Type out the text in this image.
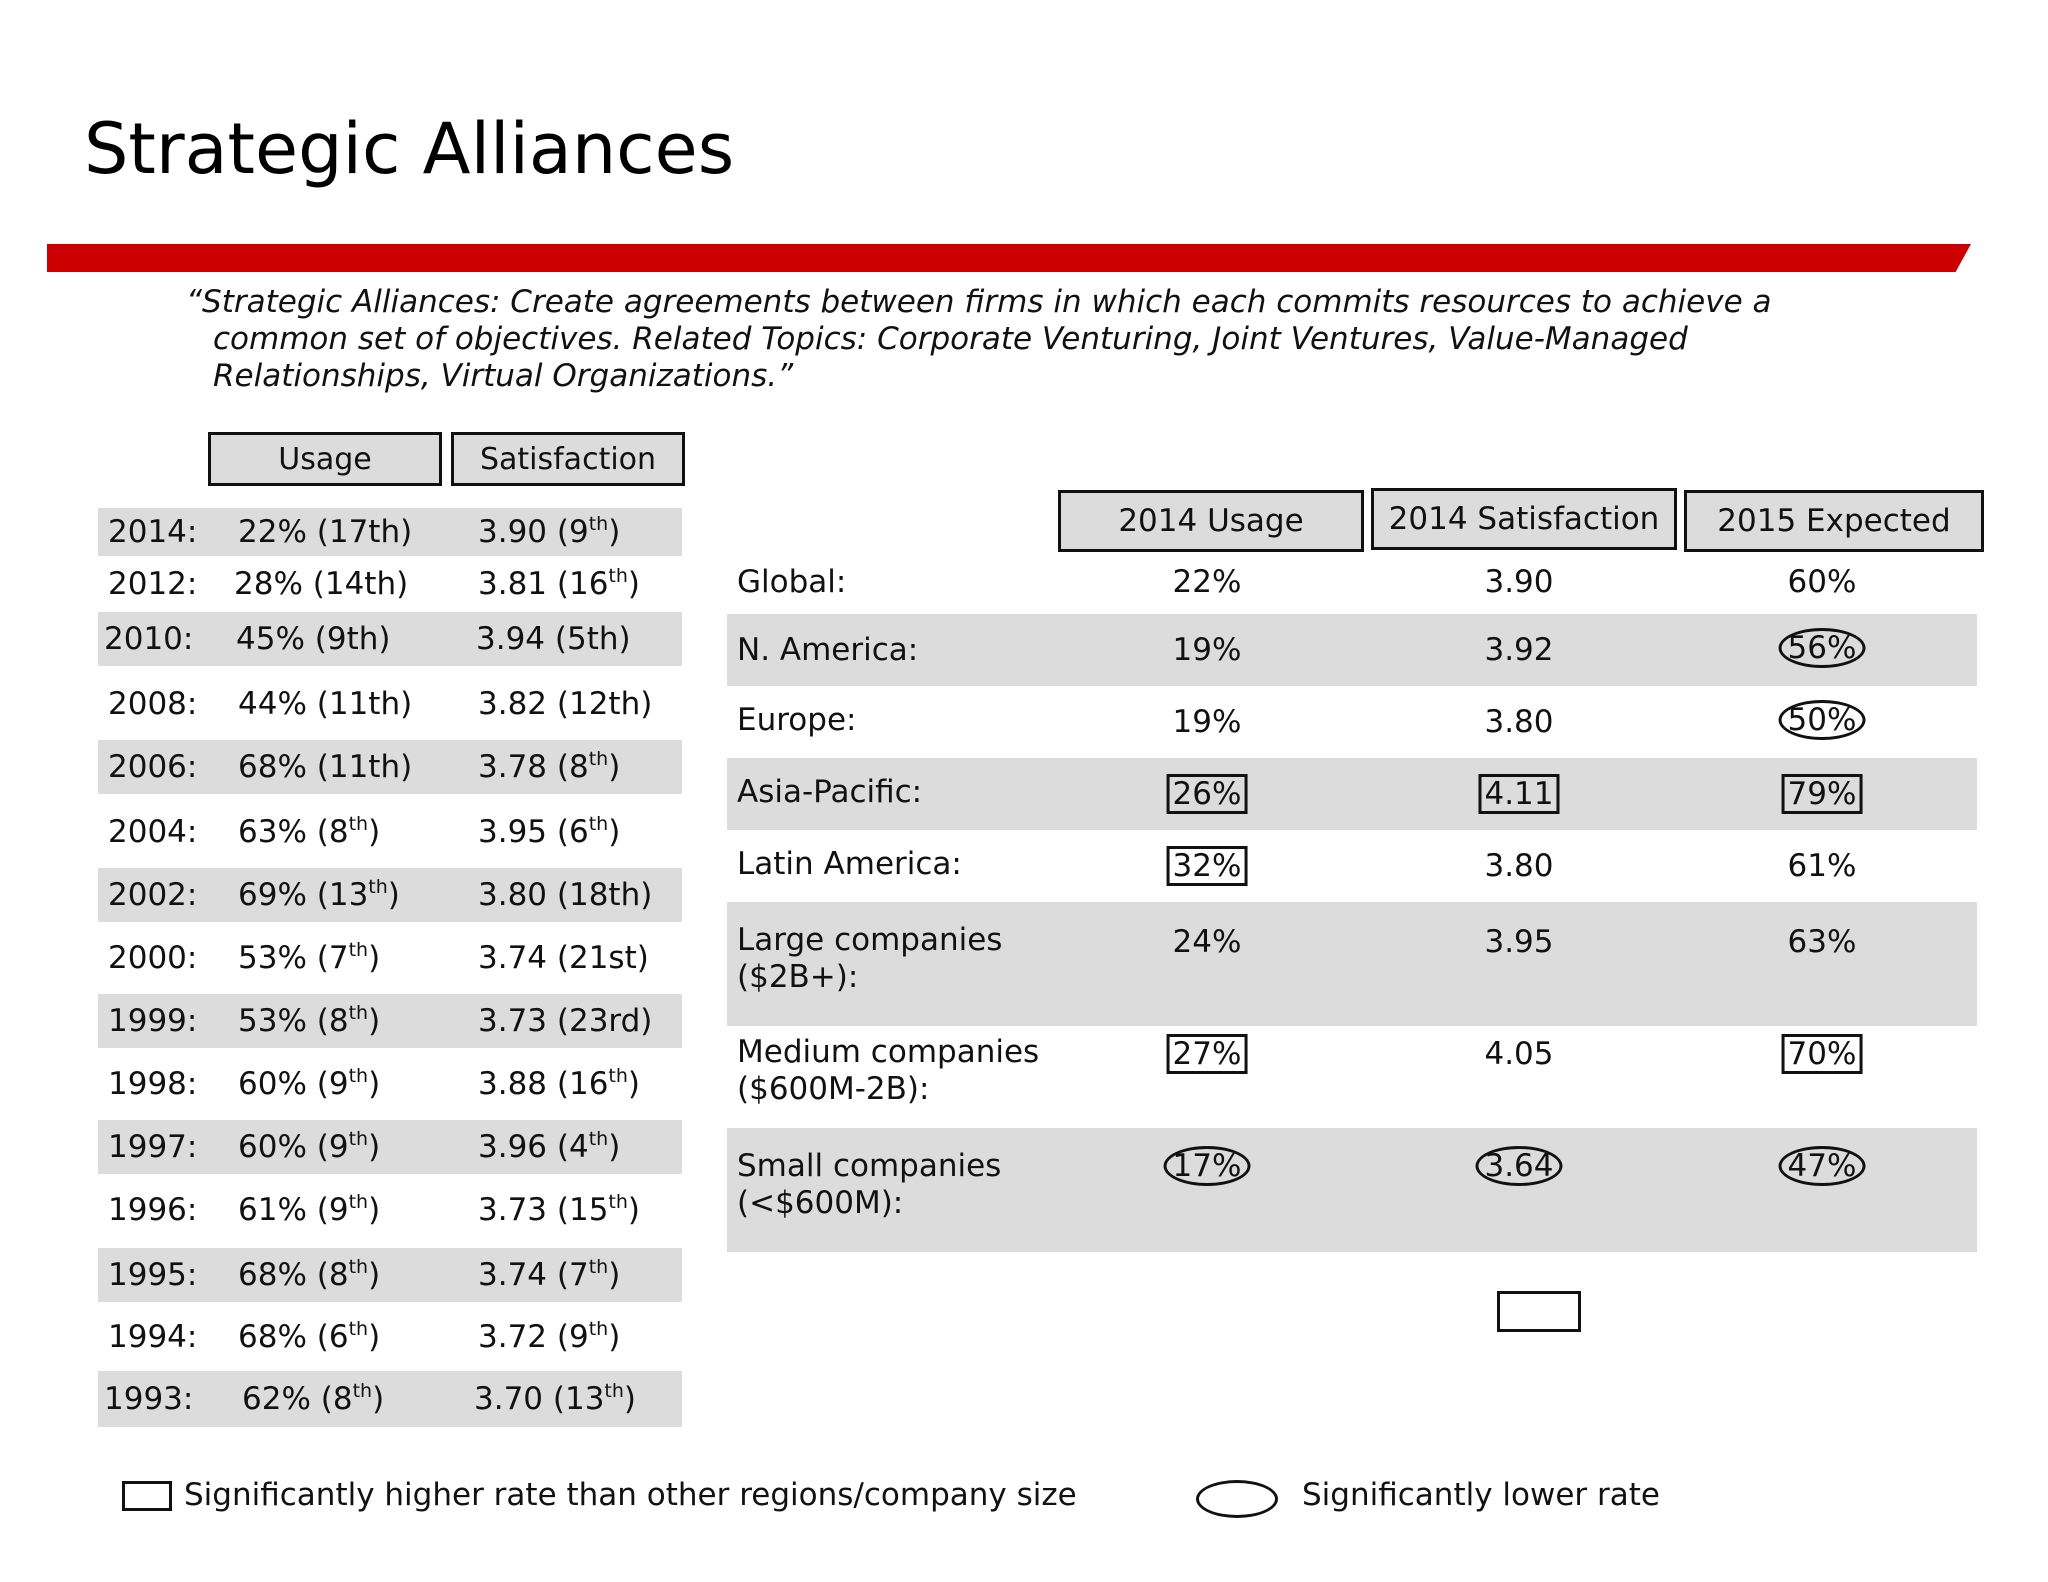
Strategic Alliances
“Strategic Alliances: Create agreements between firms in which each commits resources to achieve a
common set of objectives. Related Topics: Corporate Venturing, Joint Ventures, Value-Managed
Relationships, Virtual Organizations.”
Usage	Satisfaction
2014: 22% (17th) 3.90 (9th)
2012: 28% (14th) 3.81 (16th)
2010: 45% (9th)	3.94 (5th)
2008: 44% (11th) 3.82 (12th)
2006: 68% (11th) 3.78 (8th)
2004: 63% (8th)	3.95 (6th)
2002: 69% (13th)	3.80 (18th)
2000: 53% (7th)	3.74 (21st)
1999: 53% (8th)	3.73 (23rd)
1998: 60% (9th)	3.88 (16th)
1997: 60% (9th)	3.96 (4th)
1996: 61% (9th)	3.73 (15th)
1995: 68% (8th)	3.74 (7th)
1994: 68% (6th)	3.72 (9th)
1993: 62% (8th)	3.70 (13th)
2014 Usage	2014 Satisfaction	2015 Expected
Global:	22%	3.90	60%
N. America:	19%	3.92	56%
Europe:	19%	3.80	50%
Asia-Pacific:	26%	4.11	79%
Latin America:	32%	3.80	61%
Large companies
($2B+):
24%	3.95	63%
Medium companies
($600M-2B):
27%	4.05	70%
Small companies
(<$600M):
17%	3.64	47%
Significantly higher rate than other regions/company size	Significantly lower rate
